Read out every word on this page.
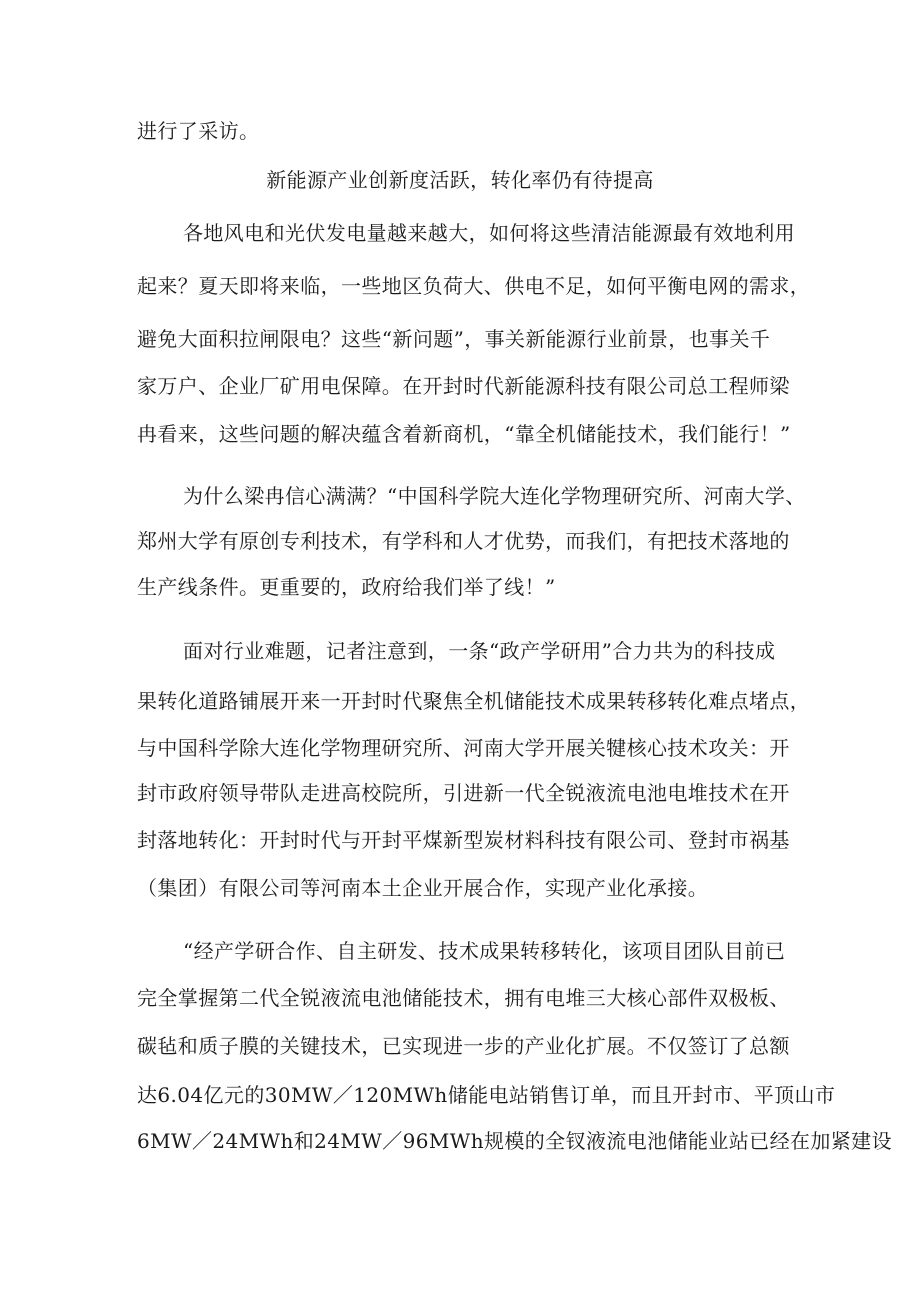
进行了采访。
新能源产业创新度活跃，转化率仍有待提高
各地风电和光伏发电量越来越大，如何将这些清洁能源最有效地利用
起来？夏天即将来临，一些地区负荷大、供电不足，如何平衡电网的需求，
避免大面积拉闸限电？这些“新问题”，事关新能源行业前景，也事关千
家万户、企业厂矿用电保障。在开封时代新能源科技有限公司总工程师梁
冉看来，这些问题的解决蕴含着新商机，“靠全机储能技术，我们能行！”
为什么梁冉信心满满？“中国科学院大连化学物理研究所、河南大学、
郑州大学有原创专利技术，有学科和人才优势，而我们，有把技术落地的
生产线条件。更重要的，政府给我们举了线！”
面对行业难题，记者注意到，一条“政产学研用”合力共为的科技成
果转化道路铺展开来一开封时代聚焦全机储能技术成果转移转化难点堵点，
与中国科学除大连化学物理研究所、河南大学开展关犍核心技术攻关：开
封市政府领导带队走进高校院所，引进新一代全锐液流电池电堆技术在开
封落地转化：开封时代与开封平煤新型炭材料科技有限公司、登封市祸基
（集团）有限公司等河南本土企业开展合作，实现产业化承接。
“经产学研合作、自主研发、技术成果转移转化，该项目团队目前已
完全掌握第二代全锐液流电池储能技术，拥有电堆三大核心部件双极板、
碳毡和质子膜的关键技术，已实现进一步的产业化扩展。不仅签订了总额
达6.04亿元的30MW／120MWh储能电站销售订单，而且开封市、平顶山市
6MW／24MWh和24MW／96MWh规模的全钗液流电池储能业站已经在加紧建设
